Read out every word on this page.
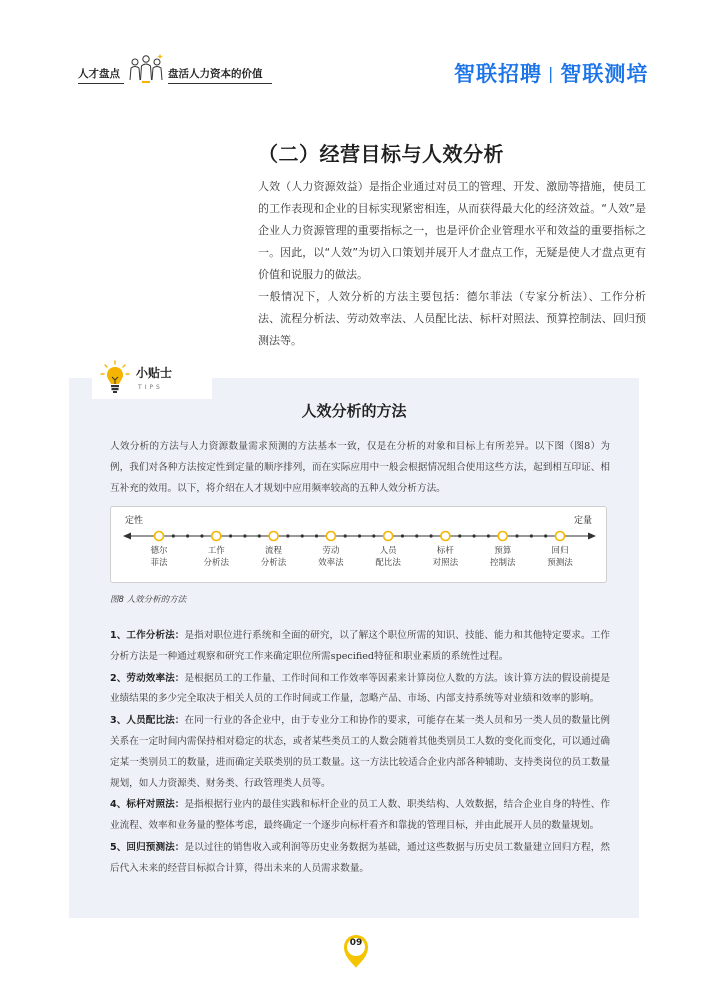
人才盘点	盘活人力资本的价值	智联招聘 | 智联测培
（二）经营目标与人效分析

人效（人力资源效益）是指企业通过对员工的管理、开发、激励等措施，使员工的工作表现和企业的目标实现紧密相连，从而获得最大化的经济效益。“人效”是企业人力资源管理的重要指标之一，也是评价企业管理水平和效益的重要指标之一。因此，以“人效”为切入口策划并展开人才盘点工作，无疑是使人才盘点更有价值和说服力的做法。

一般情况下，人效分析的方法主要包括：德尔菲法（专家分析法）、工作分析法、流程分析法、劳动效率法、人员配比法、标杆对照法、预算控制法、回归预测法等。

小贴士
TIPS
人效分析的方法

人效分析的方法与人力资源数量需求预测的方法基本一致，仅是在分析的对象和目标上有所差异。以下图（图8）为例，我们对各种方法按定性到定量的顺序排列，而在实际应用中一般会根据情况组合使用这些方法，起到相互印证、相互补充的效用。以下，将介绍在人才规划中应用频率较高的五种人效分析方法。

定性	定量
德尔
菲法
工作
分析法
流程
分析法
劳动
效率法
人员
配比法
标杆
对照法
预算
控制法
回归
预测法
图8 人效分析的方法

1、工作分析法：是指对职位进行系统和全面的研究，以了解这个职位所需的知识、技能、能力和其他特定要求。工作分析方法是一种通过观察和研究工作来确定职位所需specified特征和职业素质的系统性过程。

2、劳动效率法：是根据员工的工作量、工作时间和工作效率等因素来计算岗位人数的方法。该计算方法的假设前提是业绩结果的多少完全取决于相关人员的工作时间或工作量，忽略产品、市场、内部支持系统等对业绩和效率的影响。

3、人员配比法：在同一行业的各企业中，由于专业分工和协作的要求，可能存在某一类人员和另一类人员的数量比例关系在一定时间内需保持相对稳定的状态，或者某些类员工的人数会随着其他类别员工人数的变化而变化，可以通过确定某一类别员工的数量，进而确定关联类别的员工数量。这一方法比较适合企业内部各种辅助、支持类岗位的员工数量规划，如人力资源类、财务类、行政管理类人员等。

4、标杆对照法：是指根据行业内的最佳实践和标杆企业的员工人数、职类结构、人效数据，结合企业自身的特性、作业流程、效率和业务量的整体考虑，最终确定一个逐步向标杆看齐和靠拢的管理目标，并由此展开人员的数量规划。

5、回归预测法：是以过往的销售收入或利润等历史业务数据为基础，通过这些数据与历史员工数量建立回归方程，然后代入未来的经营目标拟合计算，得出未来的人员需求数量。

09
